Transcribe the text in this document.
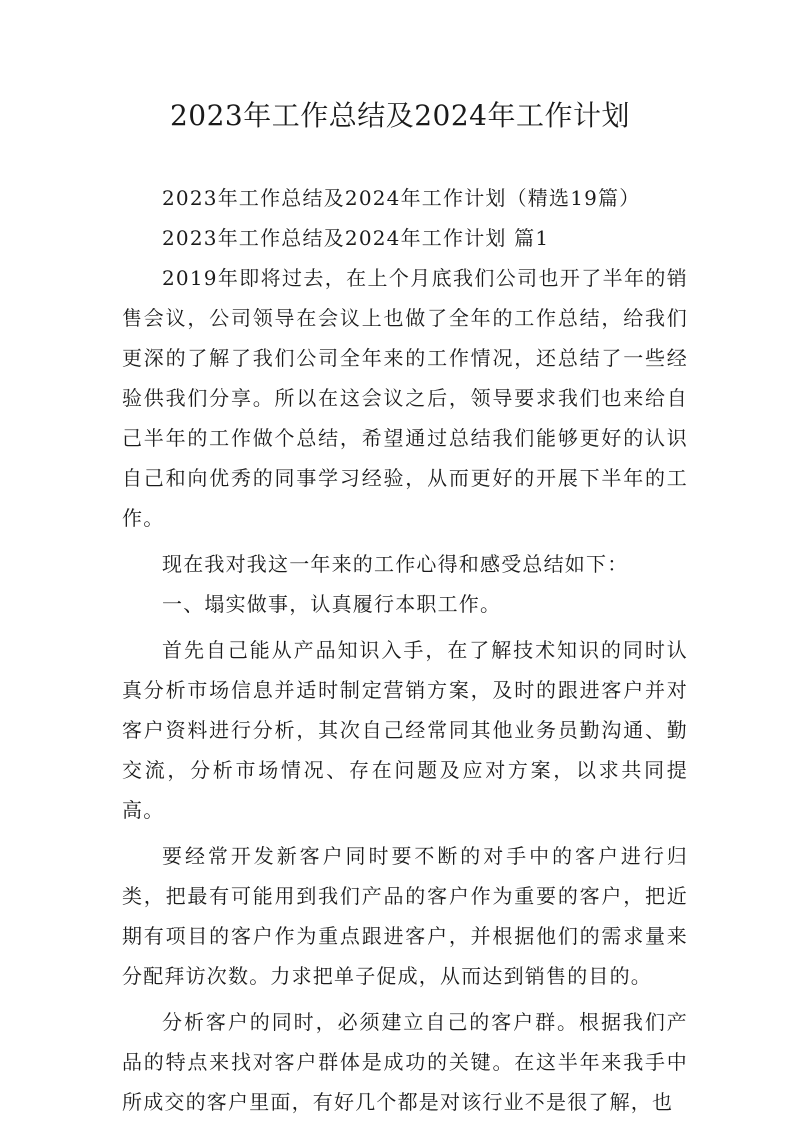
2023年工作总结及2024年工作计划

2023年工作总结及2024年工作计划（精选19篇）

2023年工作总结及2024年工作计划 篇1

2019年即将过去，在上个月底我们公司也开了半年的销售会议，公司领导在会议上也做了全年的工作总结，给我们更深的了解了我们公司全年来的工作情况，还总结了一些经验供我们分享。所以在这会议之后，领导要求我们也来给自己半年的工作做个总结，希望通过总结我们能够更好的认识自己和向优秀的同事学习经验，从而更好的开展下半年的工作。

现在我对我这一年来的工作心得和感受总结如下：

一、塌实做事，认真履行本职工作。

首先自己能从产品知识入手，在了解技术知识的同时认真分析市场信息并适时制定营销方案，及时的跟进客户并对客户资料进行分析，其次自己经常同其他业务员勤沟通、勤交流，分析市场情况、存在问题及应对方案，以求共同提高。

要经常开发新客户同时要不断的对手中的客户进行归类，把最有可能用到我们产品的客户作为重要的客户，把近期有项目的客户作为重点跟进客户，并根据他们的需求量来分配拜访次数。力求把单子促成，从而达到销售的目的。

分析客户的同时，必须建立自己的客户群。根据我们产品的特点来找对客户群体是成功的关键。在这半年来我手中所成交的客户里面，有好几个都是对该行业不是很了解，也
